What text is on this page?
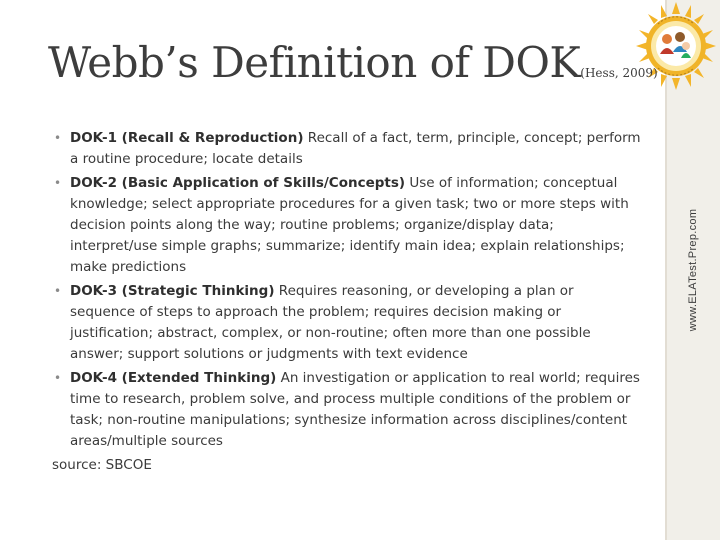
www.ELATest.Prep.com
Webb’s Definition of DOK(Hess, 2009)
• DOK-1 (Recall & Reproduction) Recall of a fact, term, principle, concept; perform a routine procedure; locate details
• DOK-2 (Basic Application of Skills/Concepts) Use of information; conceptual knowledge; select appropriate procedures for a given task; two or more steps with decision points along the way; routine problems; organize/display data; interpret/use simple graphs; summarize; identify main idea; explain relationships; make predictions
• DOK-3 (Strategic Thinking) Requires reasoning, or developing a plan or sequence of steps to approach the problem; requires decision making or justification; abstract, complex, or non-routine; often more than one possible answer; support solutions or judgments with text evidence
• DOK-4 (Extended Thinking) An investigation or application to real world; requires time to research, problem solve, and process multiple conditions of the problem or task; non-routine manipulations; synthesize information across disciplines/content areas/multiple sources
source: SBCOE
